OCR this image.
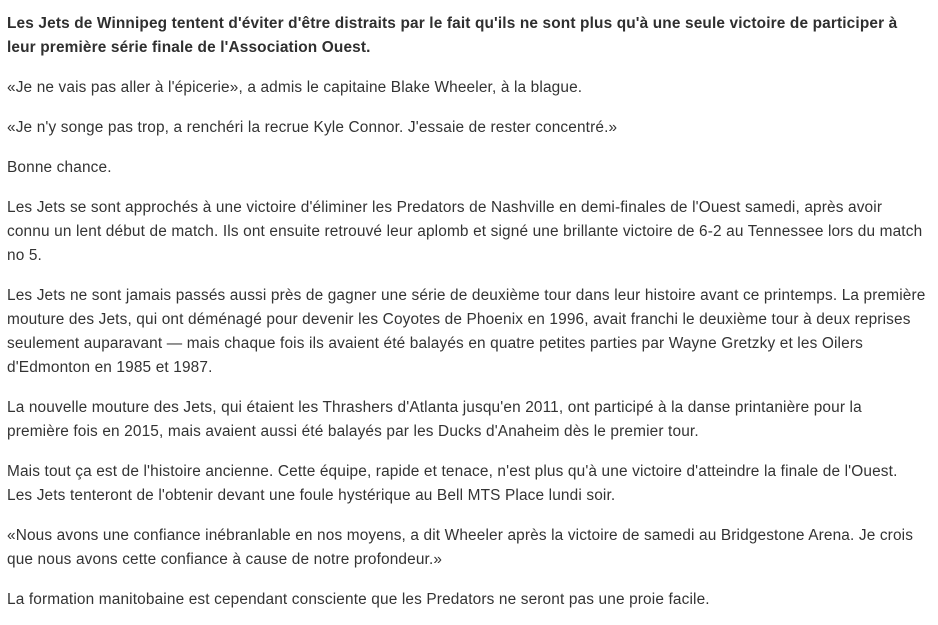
Les Jets de Winnipeg tentent d'éviter d'être distraits par le fait qu'ils ne sont plus qu'à une seule victoire de participer à leur première série finale de l'Association Ouest.

«Je ne vais pas aller à l'épicerie», a admis le capitaine Blake Wheeler, à la blague.

«Je n'y songe pas trop, a renchéri la recrue Kyle Connor. J'essaie de rester concentré.»

Bonne chance.

Les Jets se sont approchés à une victoire d'éliminer les Predators de Nashville en demi-finales de l'Ouest samedi, après avoir connu un lent début de match. Ils ont ensuite retrouvé leur aplomb et signé une brillante victoire de 6-2 au Tennessee lors du match no 5.

Les Jets ne sont jamais passés aussi près de gagner une série de deuxième tour dans leur histoire avant ce printemps. La première mouture des Jets, qui ont déménagé pour devenir les Coyotes de Phoenix en 1996, avait franchi le deuxième tour à deux reprises seulement auparavant — mais chaque fois ils avaient été balayés en quatre petites parties par Wayne Gretzky et les Oilers d'Edmonton en 1985 et 1987.

La nouvelle mouture des Jets, qui étaient les Thrashers d'Atlanta jusqu'en 2011, ont participé à la danse printanière pour la première fois en 2015, mais avaient aussi été balayés par les Ducks d'Anaheim dès le premier tour.

Mais tout ça est de l'histoire ancienne. Cette équipe, rapide et tenace, n'est plus qu'à une victoire d'atteindre la finale de l'Ouest. Les Jets tenteront de l'obtenir devant une foule hystérique au Bell MTS Place lundi soir.

«Nous avons une confiance inébranlable en nos moyens, a dit Wheeler après la victoire de samedi au Bridgestone Arena. Je crois que nous avons cette confiance à cause de notre profondeur.»

La formation manitobaine est cependant consciente que les Predators ne seront pas une proie facile.
